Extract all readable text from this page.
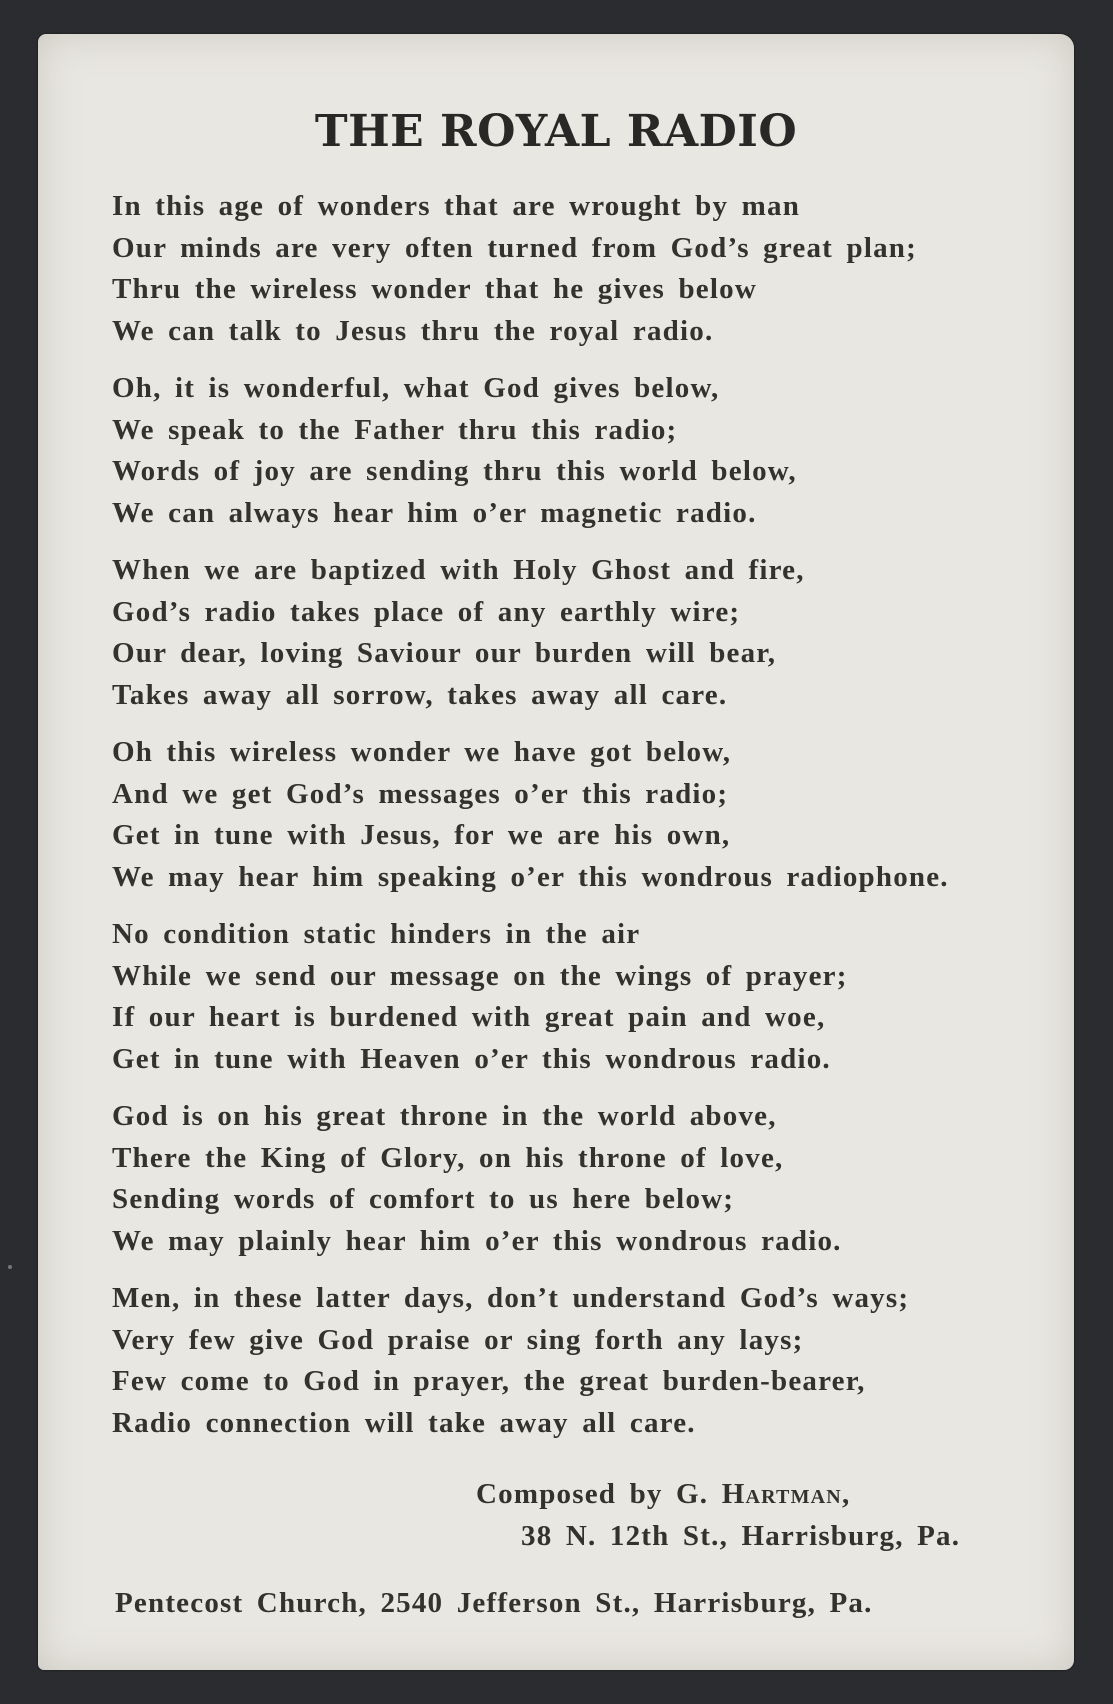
THE ROYAL RADIO
In this age of wonders that are wrought by man
Our minds are very often turned from God’s great plan;
Thru the wireless wonder that he gives below
We can talk to Jesus thru the royal radio.
Oh, it is wonderful, what God gives below,
We speak to the Father thru this radio;
Words of joy are sending thru this world below,
We can always hear him o’er magnetic radio.
When we are baptized with Holy Ghost and fire,
God’s radio takes place of any earthly wire;
Our dear, loving Saviour our burden will bear,
Takes away all sorrow, takes away all care.
Oh this wireless wonder we have got below,
And we get God’s messages o’er this radio;
Get in tune with Jesus, for we are his own,
We may hear him speaking o’er this wondrous radiophone.
No condition static hinders in the air
While we send our message on the wings of prayer;
If our heart is burdened with great pain and woe,
Get in tune with Heaven o’er this wondrous radio.
God is on his great throne in the world above,
There the King of Glory, on his throne of love,
Sending words of comfort to us here below;
We may plainly hear him o’er this wondrous radio.
Men, in these latter days, don’t understand God’s ways;
Very few give God praise or sing forth any lays;
Few come to God in prayer, the great burden-bearer,
Radio connection will take away all care.
Composed by G. Hartman,
38 N. 12th St., Harrisburg, Pa.
Pentecost Church, 2540 Jefferson St., Harrisburg, Pa.
